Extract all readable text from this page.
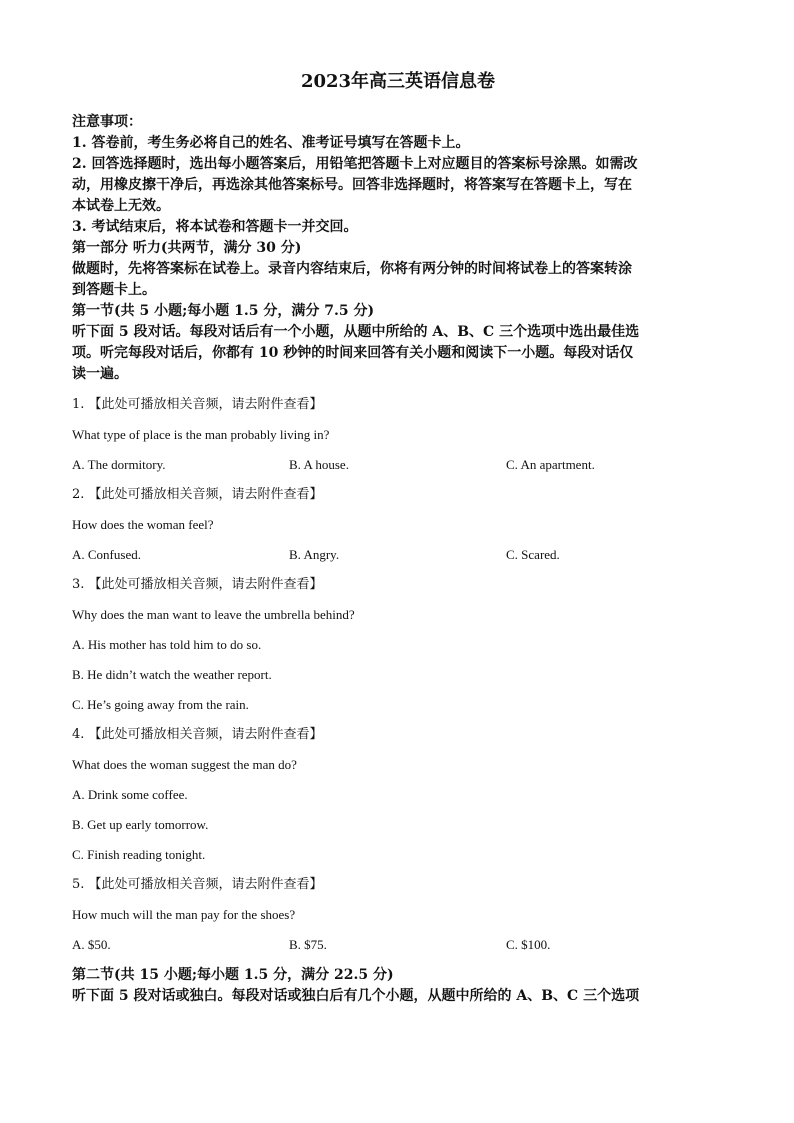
2023年高三英语信息卷

注意事项：

1. 答卷前，考生务必将自己的姓名、准考证号填写在答题卡上。

2. 回答选择题时，选出每小题答案后，用铅笔把答题卡上对应题目的答案标号涂黑。如需改

动，用橡皮擦干净后，再选涂其他答案标号。回答非选择题时，将答案写在答题卡上，写在

本试卷上无效。

3. 考试结束后，将本试卷和答题卡一并交回。

第一部分 听力(共两节，满分 30 分)

做题时，先将答案标在试卷上。录音内容结束后，你将有两分钟的时间将试卷上的答案转涂

到答题卡上。

第一节(共 5 小题;每小题 1.5 分，满分 7.5 分)

听下面 5 段对话。每段对话后有一个小题，从题中所给的 A、B、C 三个选项中选出最佳选

项。听完每段对话后，你都有 10 秒钟的时间来回答有关小题和阅读下一小题。每段对话仅

读一遍。

1. 【此处可播放相关音频，请去附件查看】
What type of place is the man probably living in?
A. The dormitory.	B. A house.	C. An apartment.
2. 【此处可播放相关音频，请去附件查看】
How does the woman feel?
A. Confused.	B. Angry.	C. Scared.
3. 【此处可播放相关音频，请去附件查看】
Why does the man want to leave the umbrella behind?
A. His mother has told him to do so.
B. He didn’t watch the weather report.
C. He’s going away from the rain.
4. 【此处可播放相关音频，请去附件查看】
What does the woman suggest the man do?
A. Drink some coffee.
B. Get up early tomorrow.
C. Finish reading tonight.
5. 【此处可播放相关音频，请去附件查看】
How much will the man pay for the shoes?
A. $50.	B. $75.	C. $100.

第二节(共 15 小题;每小题 1.5 分，满分 22.5 分)

听下面 5 段对话或独白。每段对话或独白后有几个小题，从题中所给的 A、B、C 三个选项
